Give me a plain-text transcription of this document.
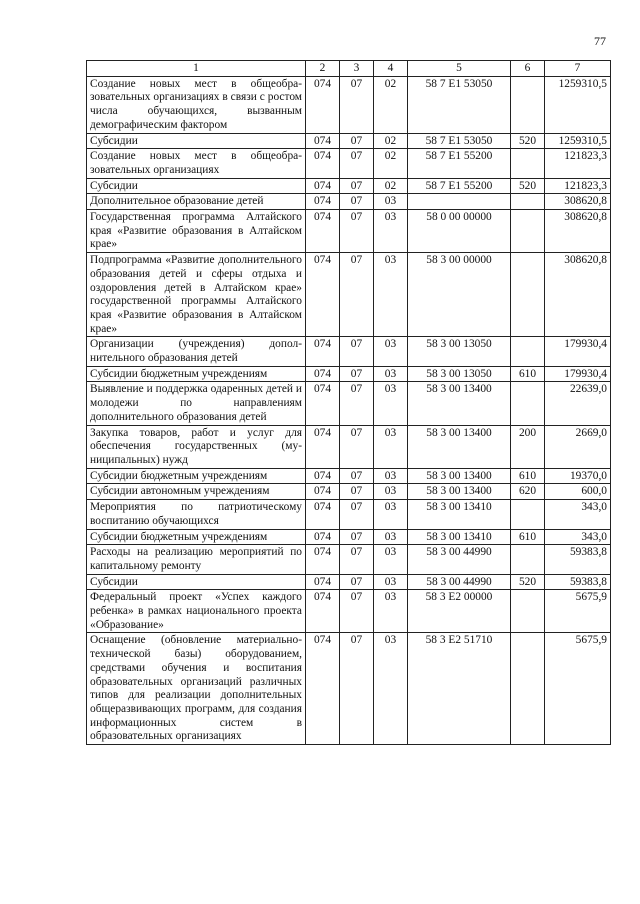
77
1	2	3	4	5	6	7
Создание новых мест в общеобразовательных организациях в связи с ростом числа обучающихся, вызванным демографическим фактором	074	07	02	58 7 E1 53050		1259310,5
Субсидии	074	07	02	58 7 E1 53050	520	1259310,5
Создание новых мест в общеобразовательных организациях	074	07	02	58 7 E1 55200		121823,3
Субсидии	074	07	02	58 7 E1 55200	520	121823,3
Дополнительное образование детей	074	07	03			308620,8
Государственная программа Алтайского края «Развитие образования в Алтайском крае»	074	07	03	58 0 00 00000		308620,8
Подпрограмма «Развитие дополнительного образования детей и сферы отдыха и оздоровления детей в Алтайском крае» государственной программы Алтайского края «Развитие образования в Алтайском крае»	074	07	03	58 3 00 00000		308620,8
Организации (учреждения) дополнительного образования детей	074	07	03	58 3 00 13050		179930,4
Субсидии бюджетным учреждениям	074	07	03	58 3 00 13050	610	179930,4
Выявление и поддержка одаренных детей и молодежи по направлениям дополнительного образования детей	074	07	03	58 3 00 13400		22639,0
Закупка товаров, работ и услуг для обеспечения государственных (муниципальных) нужд	074	07	03	58 3 00 13400	200	2669,0
Субсидии бюджетным учреждениям	074	07	03	58 3 00 13400	610	19370,0
Субсидии автономным учреждениям	074	07	03	58 3 00 13400	620	600,0
Мероприятия по патриотическому воспитанию обучающихся	074	07	03	58 3 00 13410		343,0
Субсидии бюджетным учреждениям	074	07	03	58 3 00 13410	610	343,0
Расходы на реализацию мероприятий по капитальному ремонту	074	07	03	58 3 00 44990		59383,8
Субсидии	074	07	03	58 3 00 44990	520	59383,8
Федеральный проект «Успех каждого ребенка» в рамках национального проекта «Образование»	074	07	03	58 3 E2 00000		5675,9
Оснащение (обновление материально-технической базы) оборудованием, средствами обучения и воспитания образовательных организаций различных типов для реализации дополнительных общеразвивающих программ, для создания информационных систем в образовательных организациях	074	07	03	58 3 E2 51710		5675,9
